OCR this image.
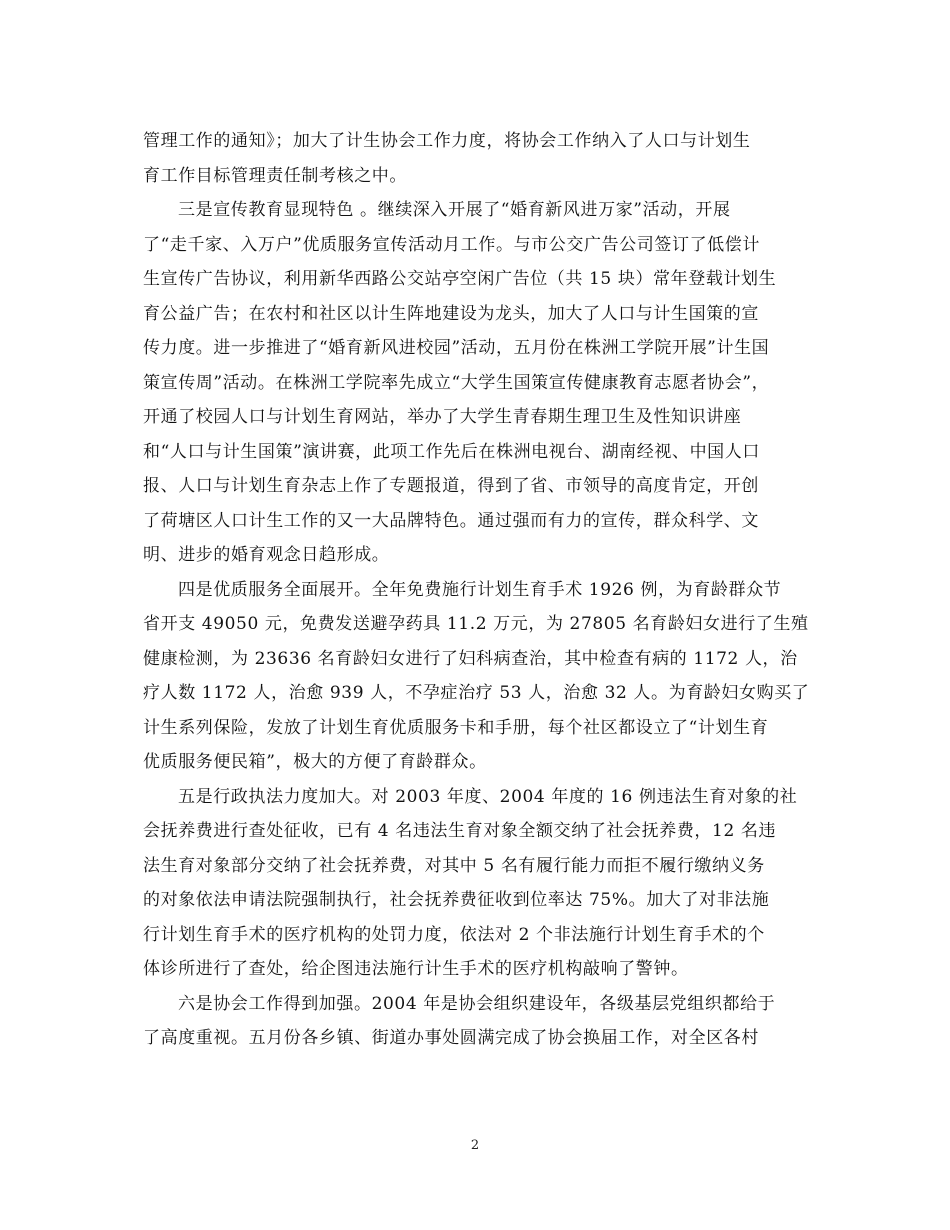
管理工作的通知》；加大了计生协会工作力度，将协会工作纳入了人口与计划生
育工作目标管理责任制考核之中。
三是宣传教育显现特色 。继续深入开展了“婚育新风进万家”活动，开展
了“走千家、入万户”优质服务宣传活动月工作。与市公交广告公司签订了低偿计
生宣传广告协议，利用新华西路公交站亭空闲广告位（共 15 块）常年登载计划生
育公益广告；在农村和社区以计生阵地建设为龙头，加大了人口与计生国策的宣
传力度。进一步推进了“婚育新风进校园”活动，五月份在株洲工学院开展”计生国
策宣传周”活动。在株洲工学院率先成立“大学生国策宣传健康教育志愿者协会”，
开通了校园人口与计划生育网站，举办了大学生青春期生理卫生及性知识讲座
和“人口与计生国策”演讲赛，此项工作先后在株洲电视台、湖南经视、中国人口
报、人口与计划生育杂志上作了专题报道，得到了省、市领导的高度肯定，开创
了荷塘区人口计生工作的又一大品牌特色。通过强而有力的宣传，群众科学、文
明、进步的婚育观念日趋形成。
四是优质服务全面展开。全年免费施行计划生育手术 1926 例，为育龄群众节
省开支 49050 元，免费发送避孕药具 11.2 万元，为 27805 名育龄妇女进行了生殖
健康检测，为 23636 名育龄妇女进行了妇科病查治，其中检查有病的 1172 人，治
疗人数 1172 人，治愈 939 人，不孕症治疗 53 人，治愈 32 人。为育龄妇女购买了
计生系列保险，发放了计划生育优质服务卡和手册，每个社区都设立了“计划生育
优质服务便民箱”，极大的方便了育龄群众。
五是行政执法力度加大。对 2003 年度、2004 年度的 16 例违法生育对象的社
会抚养费进行查处征收，已有 4 名违法生育对象全额交纳了社会抚养费，12 名违
法生育对象部分交纳了社会抚养费，对其中 5 名有履行能力而拒不履行缴纳义务
的对象依法申请法院强制执行，社会抚养费征收到位率达 75%。加大了对非法施
行计划生育手术的医疗机构的处罚力度，依法对 2 个非法施行计划生育手术的个
体诊所进行了查处，给企图违法施行计生手术的医疗机构敲响了警钟。
六是协会工作得到加强。2004 年是协会组织建设年，各级基层党组织都给于
了高度重视。五月份各乡镇、街道办事处圆满完成了协会换届工作，对全区各村
2
